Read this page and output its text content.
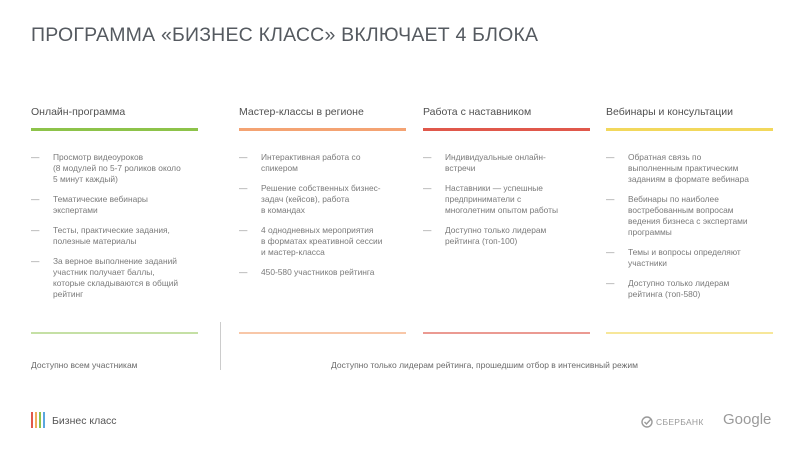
ПРОГРАММА «БИЗНЕС КЛАСС» ВКЛЮЧАЕТ 4 БЛОКА
Онлайн-программа
— Просмотр видеоуроков
(8 модулей по 5-7 роликов около
5 минут каждый)
— Тематические вебинары
экспертами
— Тесты, практические задания,
полезные материалы
— За верное выполнение заданий
участник получает баллы,
которые складываются в общий
рейтинг
Мастер-классы в регионе
— Интерактивная работа со
спикером
— Решение собственных бизнес-
задач (кейсов), работа
в командах
— 4 однодневных мероприятия
в форматах креативной сессии
и мастер-класса
— 450-580 участников рейтинга
Работа с наставником
— Индивидуальные онлайн-
встречи
— Наставники — успешные
предприниматели с
многолетним опытом работы
— Доступно только лидерам
рейтинга (топ-100)
Вебинары и консультации
— Обратная связь по
выполненным практическим
заданиям в формате вебинара
— Вебинары по наиболее
востребованным вопросам
ведения бизнеса с экспертами
программы
— Темы и вопросы определяют
участники
— Доступно только лидерам
рейтинга (топ-580)
Доступно всем участникам	Доступно только лидерам рейтинга, прошедшим отбор в интенсивный режим
Бизнес класс	СБЕРБАНК Google
